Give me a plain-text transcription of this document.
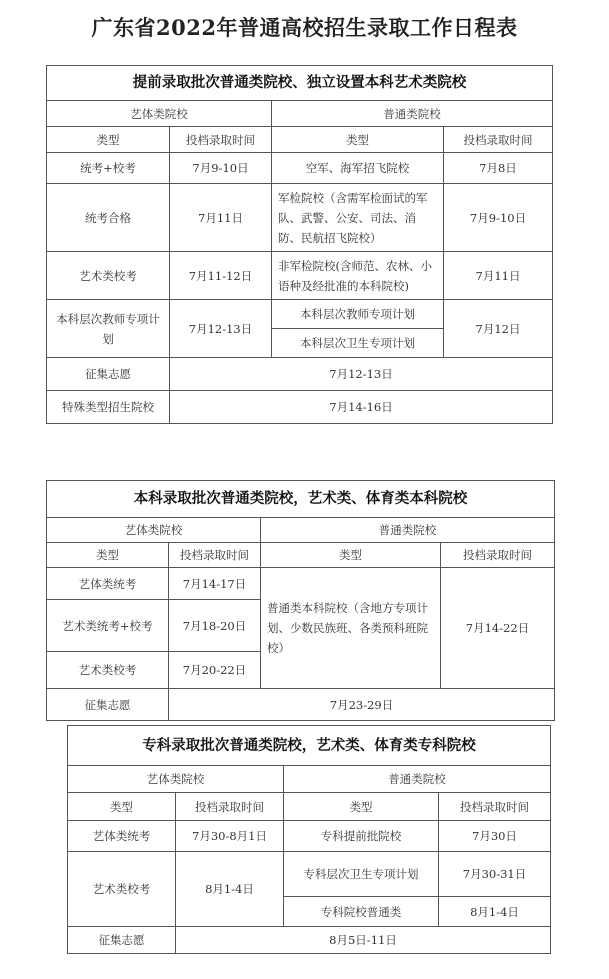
广东省2022年普通高校招生录取工作日程表
提前录取批次普通类院校、独立设置本科艺术类院校			
艺体类院校		普通类院校	
类型	投档录取时间	类型	投档录取时间
统考+校考	7月9-10日	空军、海军招飞院校	7月8日
统考合格	7月11日	军检院校（含需军检面试的军队、武警、公安、司法、消防、民航招飞院校）	7月9-10日
艺术类校考	7月11-12日	非军检院校(含师范、农林、小语种及经批准的本科院校)	7月11日
本科层次教师专项计划	7月12-13日	本科层次教师专项计划	7月12日
		本科层次卫生专项计划	
征集志愿	7月12-13日		
特殊类型招生院校	7月14-16日		
本科录取批次普通类院校，艺术类、体育类本科院校			
艺体类院校		普通类院校	
类型	投档录取时间	类型	投档录取时间
艺体类统考	7月14-17日	普通类本科院校（含地方专项计划、少数民族班、各类预科班院校）	7月14-22日
艺术类统考+校考	7月18-20日		
艺术类校考	7月20-22日		
征集志愿	7月23-29日		
专科录取批次普通类院校，艺术类、体育类专科院校			
艺体类院校		普通类院校	
类型	投档录取时间	类型	投档录取时间
艺体类统考	7月30-8月1日	专科提前批院校	7月30日
艺术类校考	8月1-4日	专科层次卫生专项计划	7月30-31日
		专科院校普通类	8月1-4日
征集志愿	8月5日-11日		
